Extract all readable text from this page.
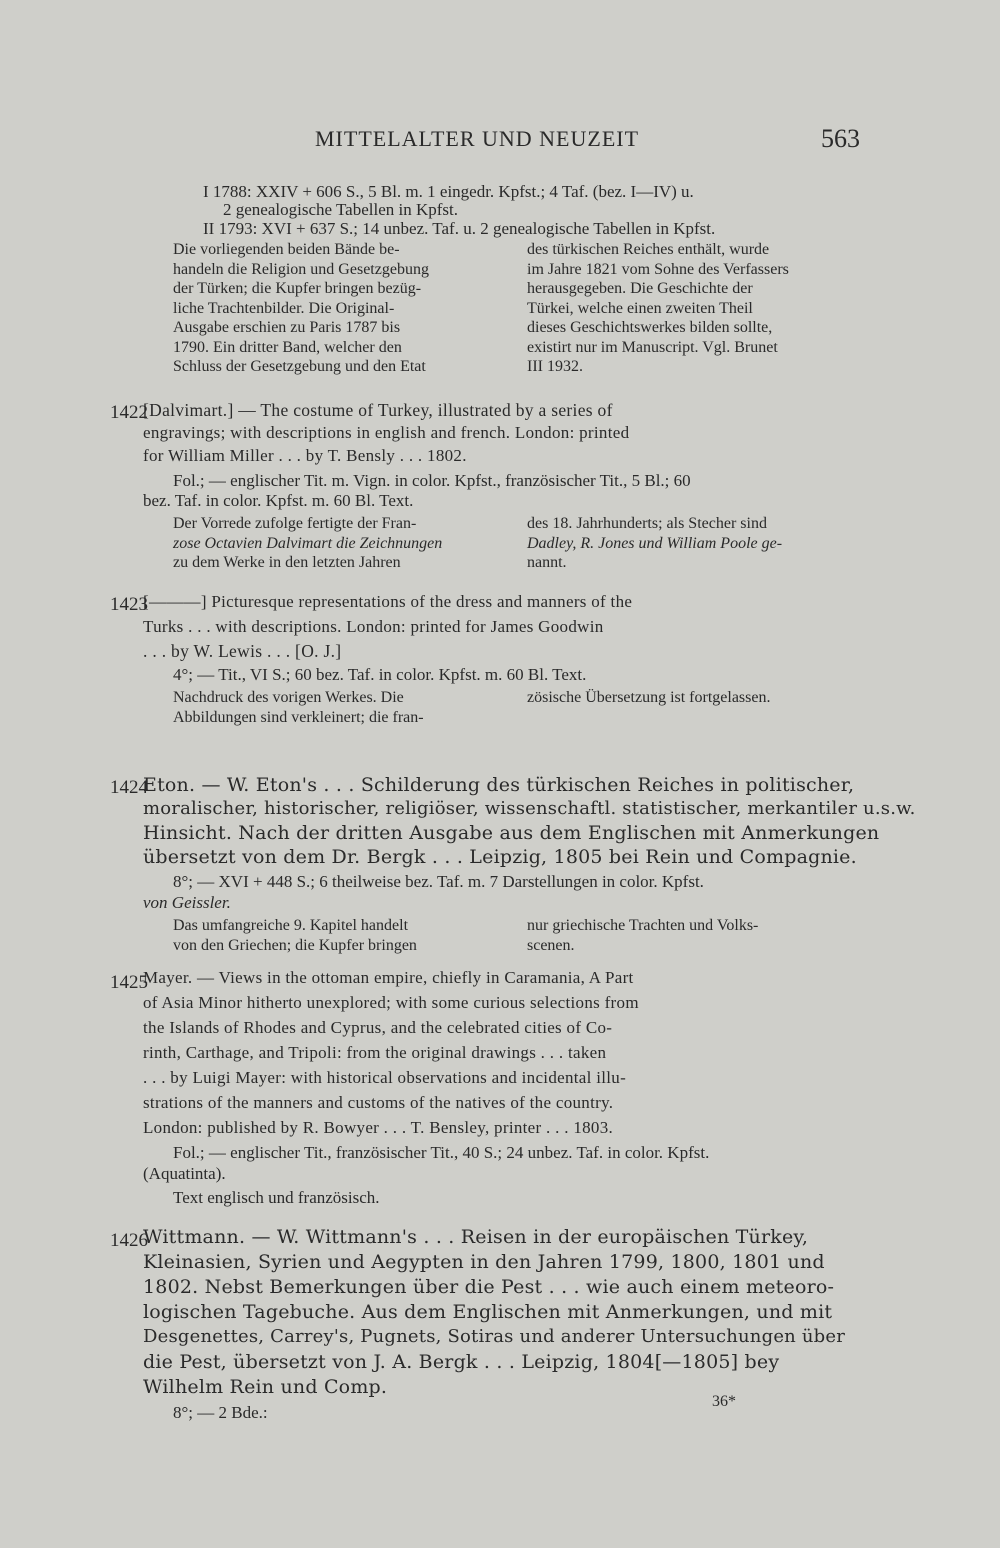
MITTELALTER UND NEUZEIT	563
I 1788: XXIV + 606 S., 5 Bl. m. 1 eingedr. Kpfst.; 4 Taf. (bez. I—IV) u.
2 genealogische Tabellen in Kpfst.
II 1793: XVI + 637 S.; 14 unbez. Taf. u. 2 genealogische Tabellen in Kpfst.
Die vorliegenden beiden Bände be-
handeln die Religion und Gesetzgebung
der Türken; die Kupfer bringen bezüg-
liche Trachtenbilder. Die Original-
Ausgabe erschien zu Paris 1787 bis
1790. Ein dritter Band, welcher den
Schluss der Gesetzgebung und den Etat
des türkischen Reiches enthält, wurde
im Jahre 1821 vom Sohne des Verfassers
herausgegeben. Die Geschichte der
Türkei, welche einen zweiten Theil
dieses Geschichtswerkes bilden sollte,
existirt nur im Manuscript. Vgl. Brunet
III 1932.
1422
[Dalvimart.] — The costume of Turkey, illustrated by a series of
engravings; with descriptions in english and french. London: printed
for William Miller . . . by T. Bensly . . . 1802.
Fol.; — englischer Tit. m. Vign. in color. Kpfst., französischer Tit., 5 Bl.; 60
bez. Taf. in color. Kpfst. m. 60 Bl. Text.
Der Vorrede zufolge fertigte der Fran-
zose Octavien Dalvimart die Zeichnungen
zu dem Werke in den letzten Jahren
des 18. Jahrhunderts; als Stecher sind
Dadley, R. Jones und William Poole ge-
nannt.
1423
[———] Picturesque representations of the dress and manners of the
Turks . . . with descriptions. London: printed for James Goodwin
. . . by W. Lewis . . . [O. J.]
4°; — Tit., VI S.; 60 bez. Taf. in color. Kpfst. m. 60 Bl. Text.
Nachdruck des vorigen Werkes. Die
Abbildungen sind verkleinert; die fran-
zösische Übersetzung ist fortgelassen.
1424
Eton. — W. Eton's . . . Schilderung des türkischen Reiches in politischer,
moralischer, historischer, religiöser, wissenschaftl. statistischer, merkantiler u.s.w.
Hinsicht. Nach der dritten Ausgabe aus dem Englischen mit Anmerkungen
übersetzt von dem Dr. Bergk . . . Leipzig, 1805 bei Rein und Compagnie.
8°; — XVI + 448 S.; 6 theilweise bez. Taf. m. 7 Darstellungen in color. Kpfst.
von Geissler.
Das umfangreiche 9. Kapitel handelt
von den Griechen; die Kupfer bringen
nur griechische Trachten und Volks-
scenen.
1425
Mayer. — Views in the ottoman empire, chiefly in Caramania, A Part
of Asia Minor hitherto unexplored; with some curious selections from
the Islands of Rhodes and Cyprus, and the celebrated cities of Co-
rinth, Carthage, and Tripoli: from the original drawings . . . taken
. . . by Luigi Mayer: with historical observations and incidental illu-
strations of the manners and customs of the natives of the country.
London: published by R. Bowyer . . . T. Bensley, printer . . . 1803.
Fol.; — englischer Tit., französischer Tit., 40 S.; 24 unbez. Taf. in color. Kpfst.
(Aquatinta).
Text englisch und französisch.
1426
Wittmann. — W. Wittmann's . . . Reisen in der europäischen Türkey,
Kleinasien, Syrien und Aegypten in den Jahren 1799, 1800, 1801 und
1802. Nebst Bemerkungen über die Pest . . . wie auch einem meteoro-
logischen Tagebuche. Aus dem Englischen mit Anmerkungen, und mit
Desgenettes, Carrey's, Pugnets, Sotiras und anderer Untersuchungen über
die Pest, übersetzt von J. A. Bergk . . . Leipzig, 1804[—1805] bey
Wilhelm Rein und Comp.
8°; — 2 Bde.:
36*
